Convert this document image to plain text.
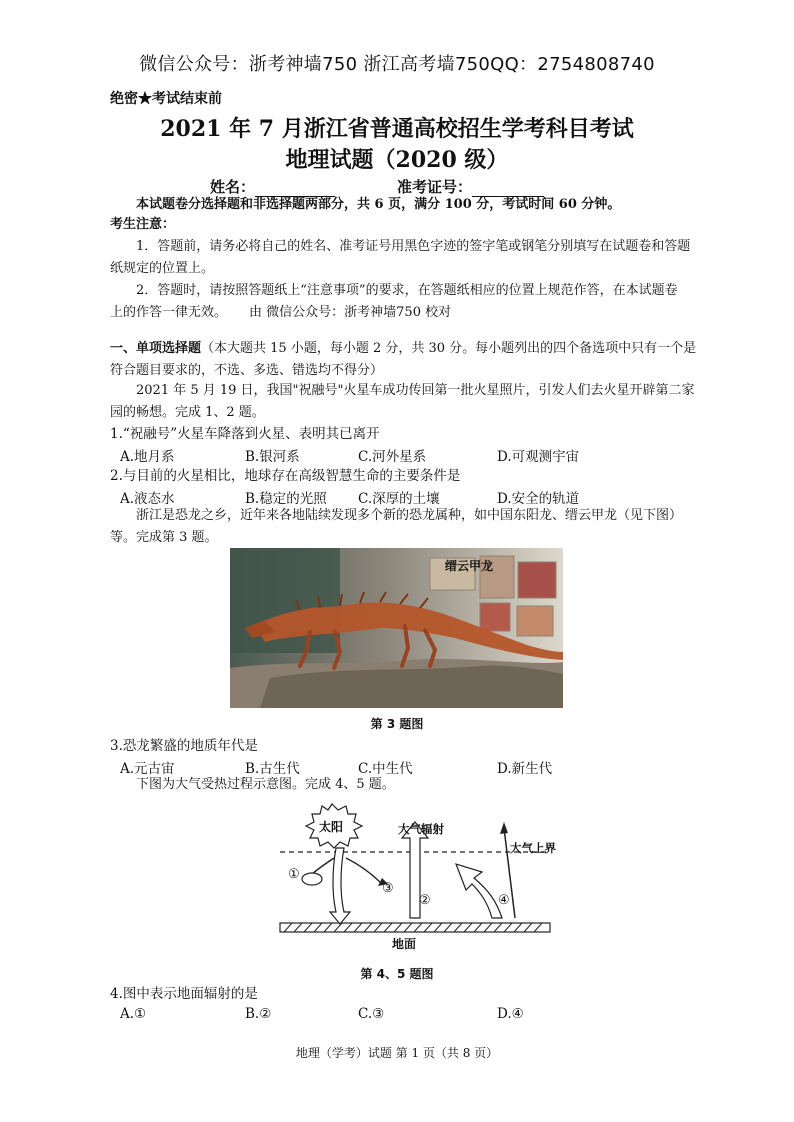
微信公众号：浙考神墙750 浙江高考墙750QQ：2754808740
绝密★考试结束前
2021 年 7 月浙江省普通高校招生学考科目考试
地理试题（2020 级）
姓名：	准考证号：
本试题卷分选择题和非选择题两部分，共 6 页，满分 100 分，考试时间 60 分钟。
考生注意：
1．答题前，请务必将自己的姓名、准考证号用黑色字迹的签字笔或钢笔分别填写在试题卷和答题纸规定的位置上。
2．答题时，请按照答题纸上“注意事项”的要求，在答题纸相应的位置上规范作答，在本试题卷上的作答一律无效。 由 微信公众号：浙考神墙750 校对
一、单项选择题（本大题共 15 小题，每小题 2 分，共 30 分。每小题列出的四个备选项中只有一个是符合题目要求的，不选、多选、错选均不得分）
2021 年 5 月 19 日，我国"祝融号"火星车成功传回第一批火星照片，引发人们去火星开辟第二家园的畅想。完成 1、2 题。
1.“祝融号”火星车降落到火星、表明其已离开
A.地月系	B.银河系	C.河外星系	D.可观测宇宙
2.与目前的火星相比，地球存在高级智慧生命的主要条件是
A.液态水	B.稳定的光照 C.深厚的土壤	D.安全的轨道
浙江是恐龙之乡，近年来各地陆续发现多个新的恐龙属种，如中国东阳龙、缙云甲龙（见下图）等。完成第 3 题。
缙云甲龙
第 3 题图
3.恐龙繁盛的地质年代是
A.元古宙	B.古生代	C.中生代	D.新生代
下图为大气受热过程示意图。完成 4、5 题。
太阳	大气辐射
大气上界
①
②
③
④
地面
第 4、5 题图
4.图中表示地面辐射的是
A.①	B.②	C.③	D.④
地理（学考）试题 第 1 页（共 8 页）
